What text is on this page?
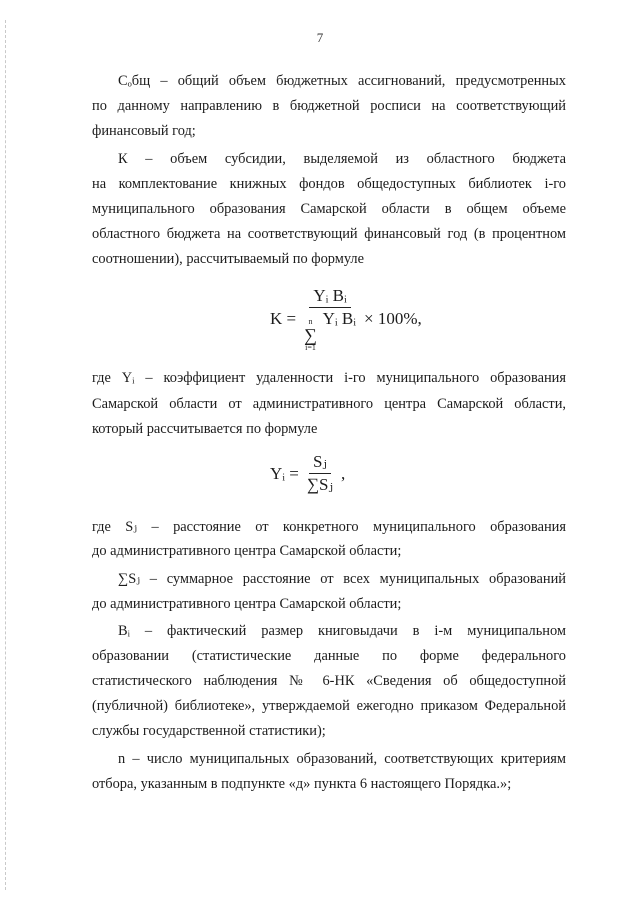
7
Сₒбщ – общий объем бюджетных ассигнований, предусмотренных
по данному направлению в бюджетной росписи на соответствующий
финансовый год;
К – объем субсидии, выделяемой из областного бюджета
на комплектование книжных фондов общедоступных библиотек i-го
муниципального образования Самарской области в общем объеме
областного бюджета на соответствующий финансовый год (в процентном
соотношении), рассчитываемый по формуле
K = Yᵢ Bᵢ
n
∑
i=1
Yᵢ Bᵢ × 100%,
где Yᵢ – коэффициент удаленности i-го муниципального образования
Самарской области от административного центра Самарской области,
который рассчитывается по формуле
Yᵢ = $\frac{\text{Sⱼ}}{\text{∑Sⱼ}}$ ,
где Sⱼ – расстояние от конкретного муниципального образования
до административного центра Самарской области;
∑Sⱼ – суммарное расстояние от всех муниципальных образований
до административного центра Самарской области;
Bᵢ – фактический размер книговыдачи в i-м муниципальном
образовании (статистические данные по форме федерального
статистического наблюдения № 6-НК «Сведения об общедоступной
(публичной) библиотеке», утверждаемой ежегодно приказом Федеральной
службы государственной статистики);
n – число муниципальных образований, соответствующих критериям
отбора, указанным в подпункте «д» пункта 6 настоящего Порядка.»;
